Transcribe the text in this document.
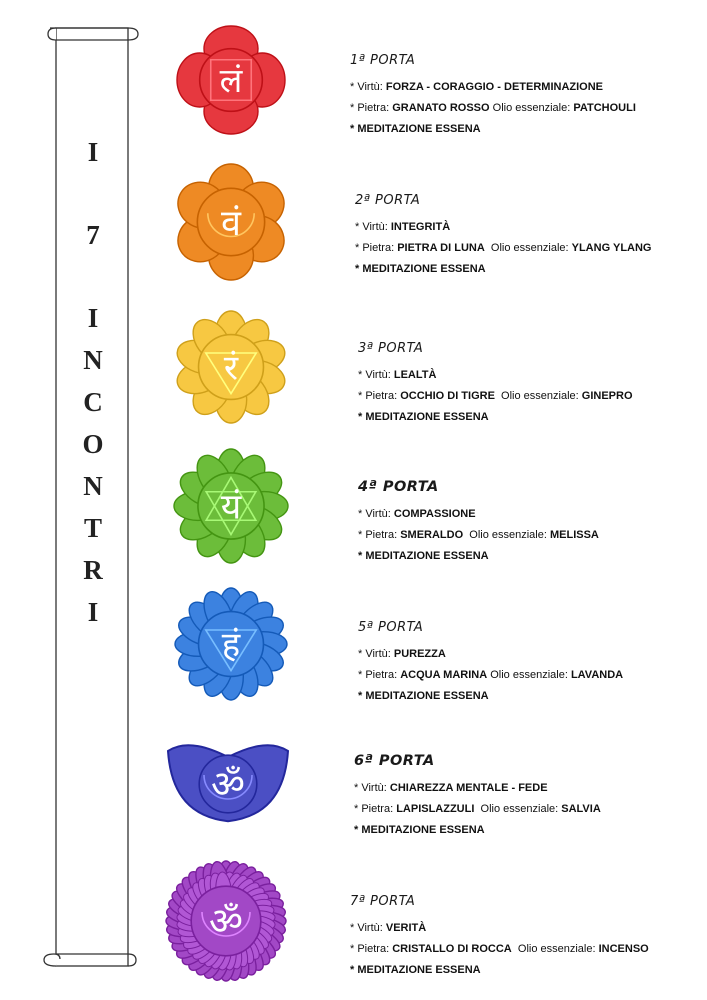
I
7
I
N
C
O
N
T
R
I
लं
वं
रं
यं
हं
ॐ
ॐ
1ª PORTA
* Virtù: FORZA - CORAGGIO - DETERMINAZIONE
* Pietra: GRANATO ROSSO Olio essenziale: PATCHOULI
* MEDITAZIONE ESSENA
2ª PORTA
* Virtù: INTEGRITÀ
* Pietra: PIETRA DI LUNA Olio essenziale: YLANG YLANG
* MEDITAZIONE ESSENA
3ª PORTA
* Virtù: LEALTÀ
* Pietra: OCCHIO DI TIGRE Olio essenziale: GINEPRO
* MEDITAZIONE ESSENA
4ª PORTA
* Virtù: COMPASSIONE
* Pietra: SMERALDO Olio essenziale: MELISSA
* MEDITAZIONE ESSENA
5ª PORTA
* Virtù: PUREZZA
* Pietra: ACQUA MARINA Olio essenziale: LAVANDA
* MEDITAZIONE ESSENA
6ª PORTA
* Virtù: CHIAREZZA MENTALE - FEDE
* Pietra: LAPISLAZZULI Olio essenziale: SALVIA
* MEDITAZIONE ESSENA
7ª PORTA
* Virtù: VERITÀ
* Pietra: CRISTALLO DI ROCCA Olio essenziale: INCENSO
* MEDITAZIONE ESSENA
